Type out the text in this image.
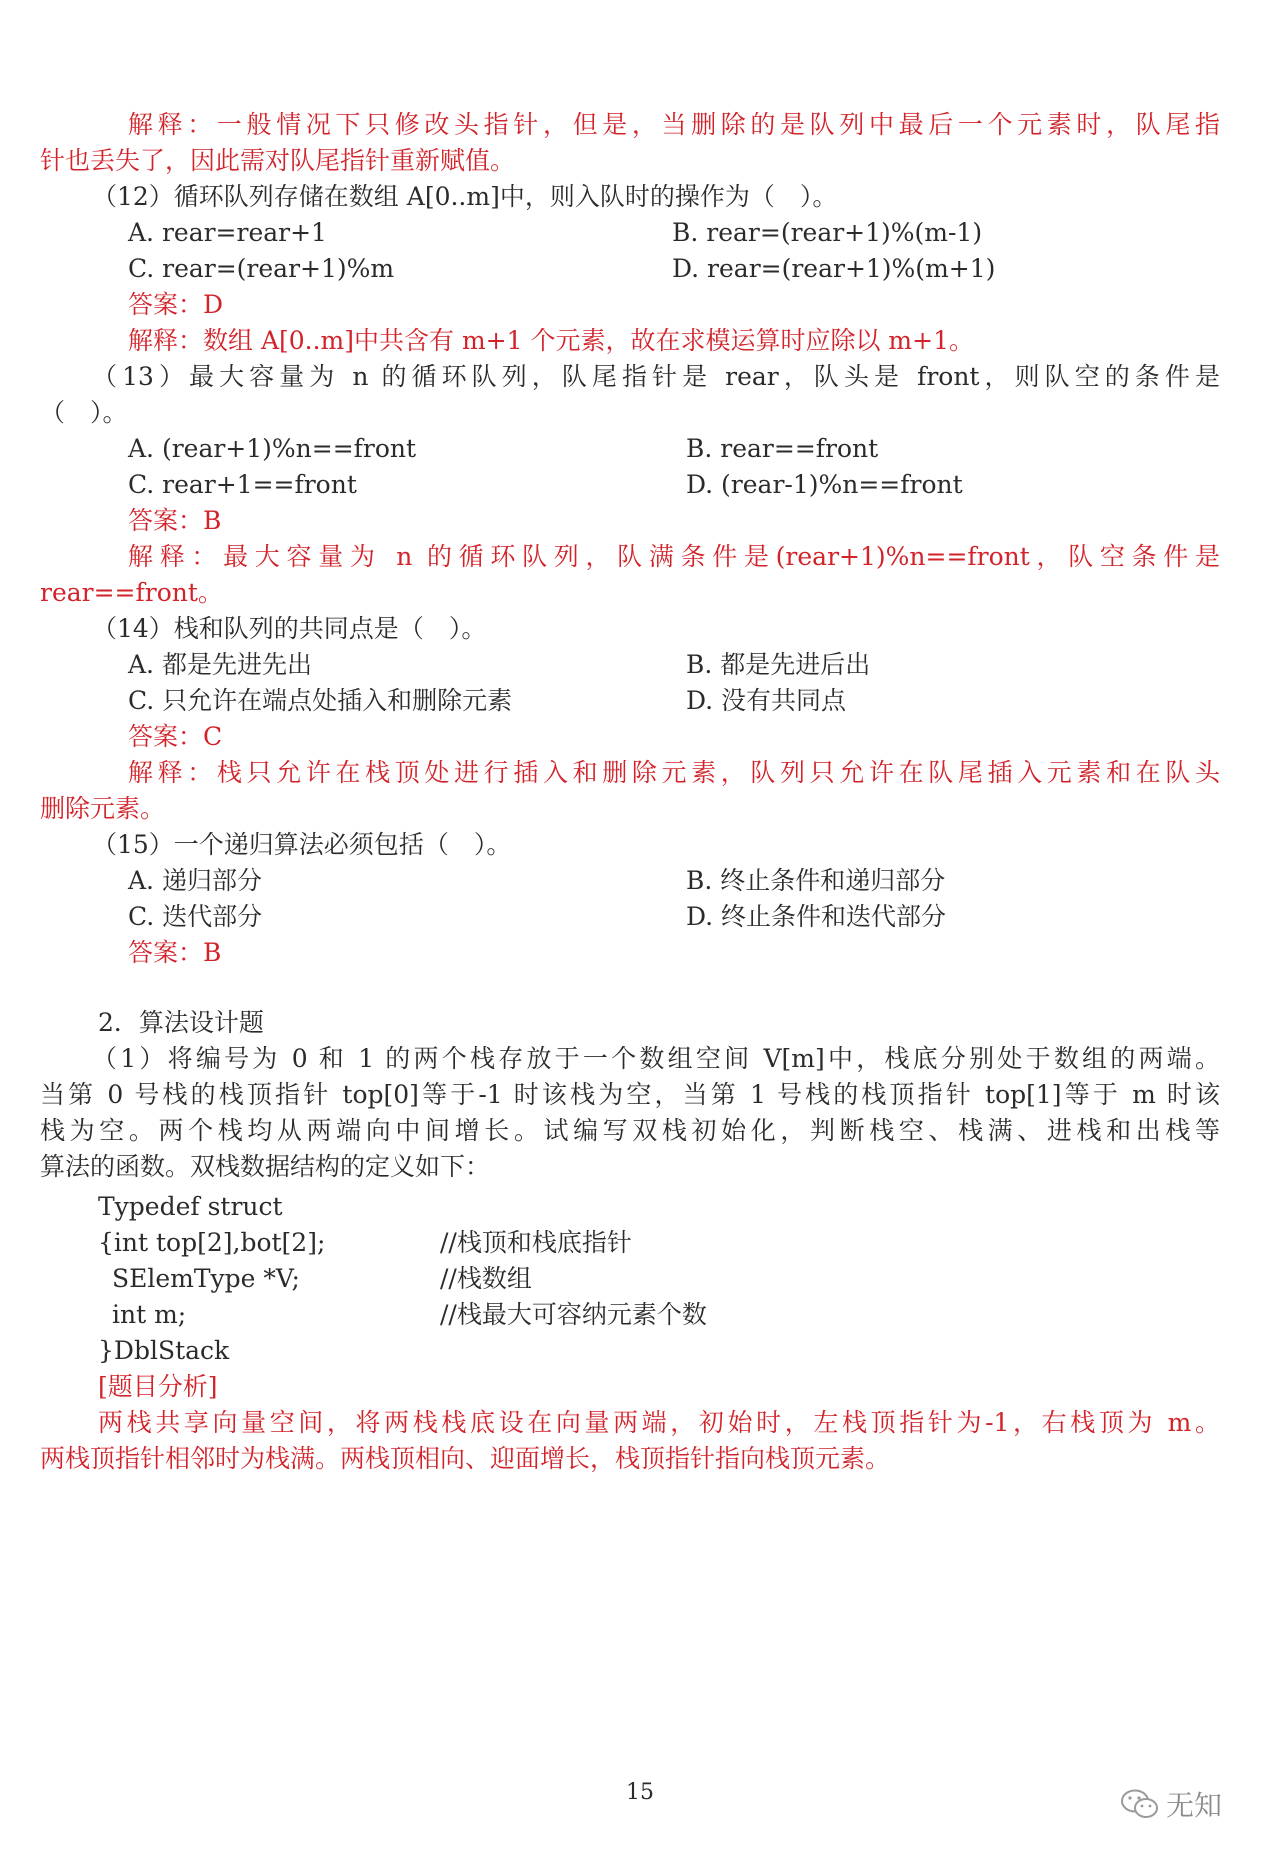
解释：一般情况下只修改头指针，但是，当删除的是队列中最后一个元素时，队尾指
针也丢失了，因此需对队尾指针重新赋值。
（12）循环队列存储在数组 A[0..m]中，则入队时的操作为（　）。
A. rear=rear+1	B. rear=(rear+1)%(m-1)
C. rear=(rear+1)%m	D. rear=(rear+1)%(m+1)
答案：D
解释：数组 A[0..m]中共含有 m+1 个元素，故在求模运算时应除以 m+1。
（13）最大容量为 n 的循环队列，队尾指针是 rear，队头是 front，则队空的条件是
（　）。
A. (rear+1)%n==front	B. rear==front
C. rear+1==front	D. (rear-1)%n==front
答案：B
解释：最大容量为 n 的循环队列，队满条件是(rear+1)%n==front，队空条件是
rear==front。
（14）栈和队列的共同点是（　）。
A. 都是先进先出	B. 都是先进后出
C. 只允许在端点处插入和删除元素	D. 没有共同点
答案：C
解释：栈只允许在栈顶处进行插入和删除元素，队列只允许在队尾插入元素和在队头
删除元素。
（15）一个递归算法必须包括（　）。
A. 递归部分	B. 终止条件和递归部分
C. 迭代部分	D. 终止条件和迭代部分
答案：B
2．算法设计题
（1）将编号为 0 和 1 的两个栈存放于一个数组空间 V[m]中，栈底分别处于数组的两端。
当第 0 号栈的栈顶指针 top[0]等于-1 时该栈为空，当第 1 号栈的栈顶指针 top[1]等于 m 时该
栈为空。两个栈均从两端向中间增长。试编写双栈初始化，判断栈空、栈满、进栈和出栈等
算法的函数。双栈数据结构的定义如下：
Typedef struct
{int top[2],bot[2];	//栈顶和栈底指针
SElemType *V;	//栈数组
int m;	//栈最大可容纳元素个数
}DblStack
[题目分析]
两栈共享向量空间，将两栈栈底设在向量两端，初始时，左栈顶指针为-1，右栈顶为 m。
两栈顶指针相邻时为栈满。两栈顶相向、迎面增长，栈顶指针指向栈顶元素。
15	无知
